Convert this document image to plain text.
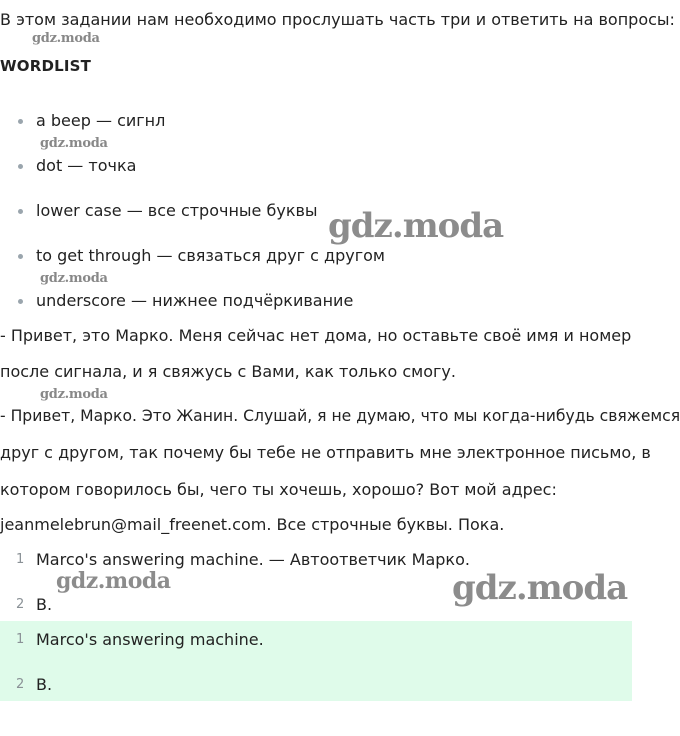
В этом задании нам необходимо прослушать часть три и ответить на вопросы:
gdz.moda
WORDLIST
a beep — сигнл
gdz.moda
dot — точка
lower case — все строчные буквы gdz.moda
to get through — связаться друг с другом
gdz.moda
underscore — нижнее подчёркивание
- Привет, это Марко. Меня сейчас нет дома, но оставьте своё имя и номер
после сигнала, и я свяжусь с Вами, как только смогу.
gdz.moda
- Привет, Марко. Это Жанин. Слушай, я не думаю, что мы когда-нибудь свяжемся
друг с другом, так почему бы тебе не отправить мне электронное письмо, в
котором говорилось бы, чего ты хочешь, хорошо? Вот мой адрес:
jeanmelebrun@mail_freenet.com. Все строчные буквы. Пока.
1 Marco's answering machine. — Автоответчик Марко.
gdz.moda	gdz.moda
2 B.
1 Marco's answering machine.
2 B.
